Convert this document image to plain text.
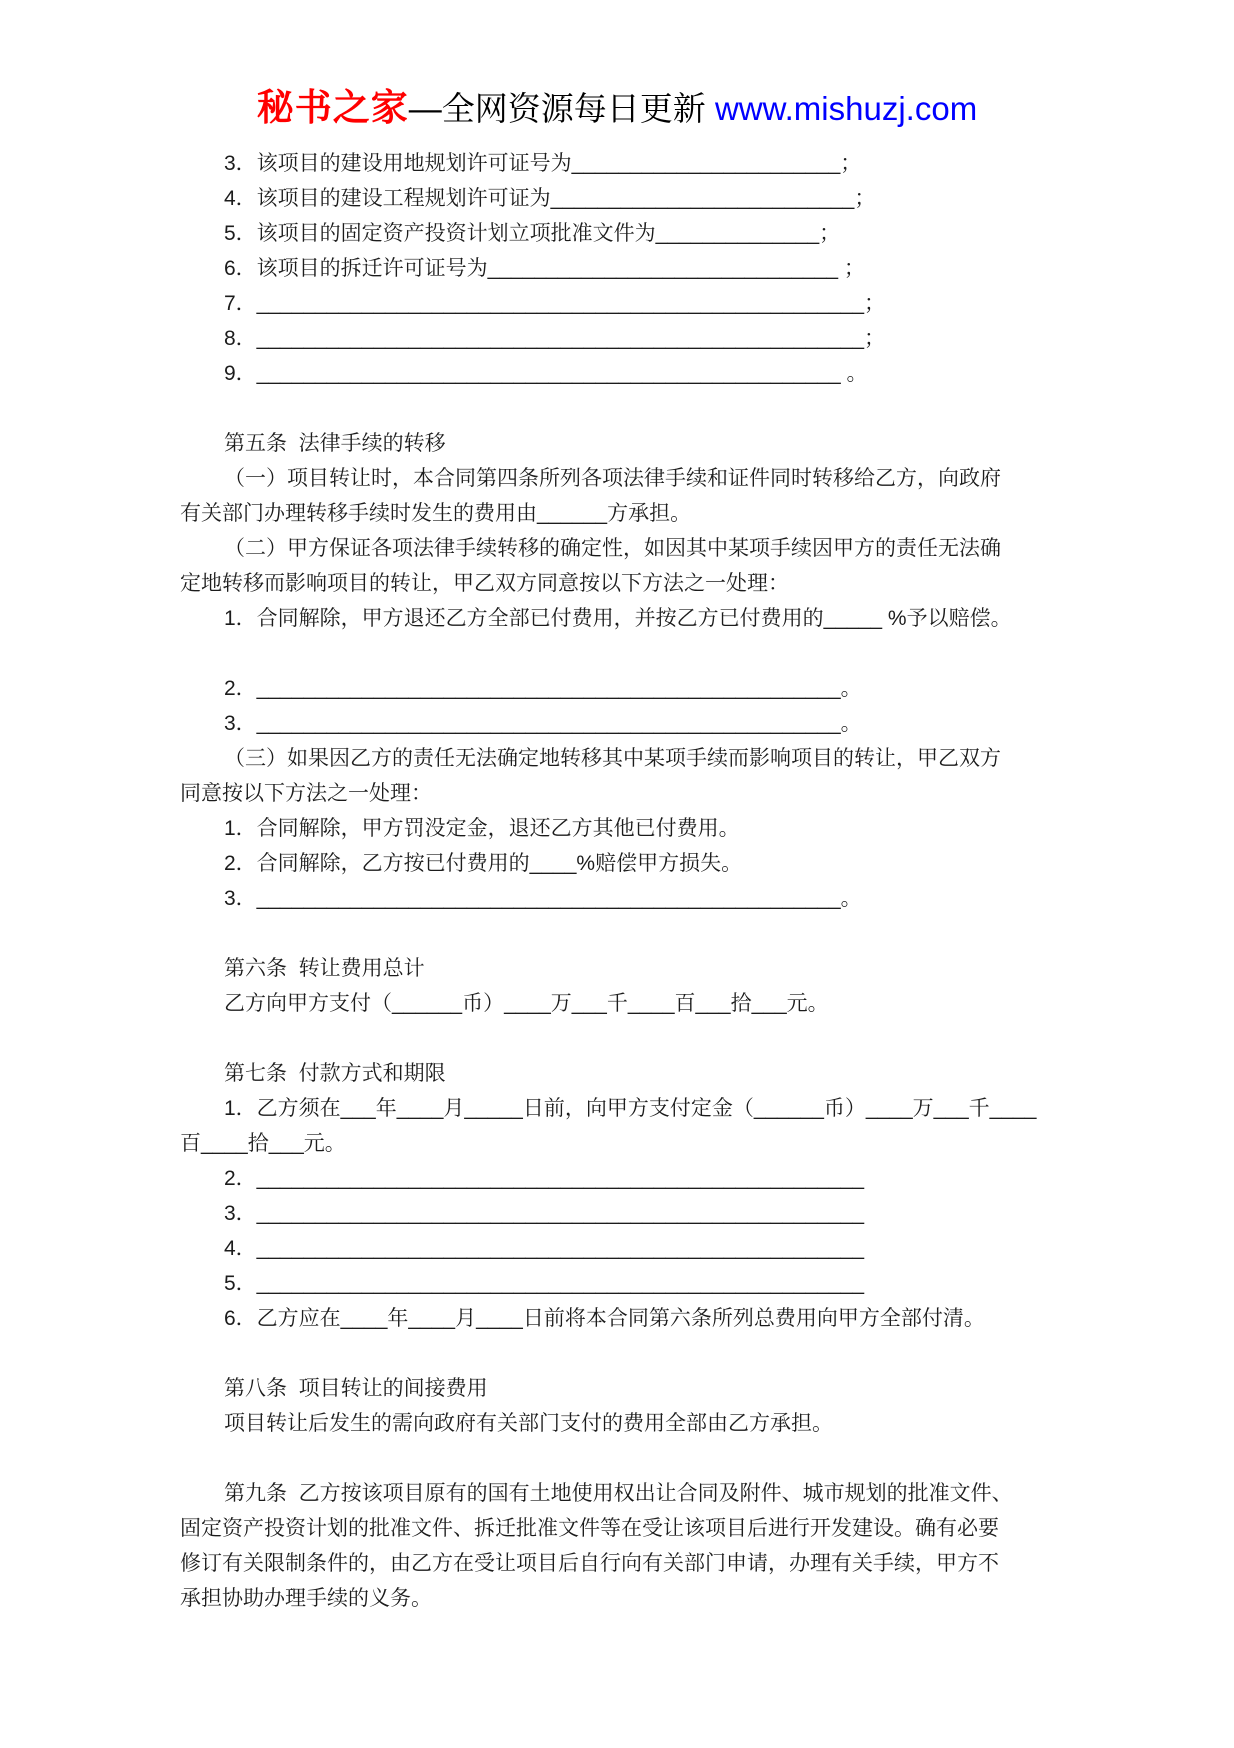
秘书之家—全网资源每日更新 www.mishuzj.com
3．该项目的建设用地规划许可证号为_______________________；
4．该项目的建设工程规划许可证为__________________________；
5．该项目的固定资产投资计划立项批准文件为______________；
6．该项目的拆迁许可证号为______________________________ ；
7．____________________________________________________；
8．____________________________________________________；
9．__________________________________________________ 。
第五条  法律手续的转移
（一）项目转让时，本合同第四条所列各项法律手续和证件同时转移给乙方，向政府
有关部门办理转移手续时发生的费用由______方承担。
（二）甲方保证各项法律手续转移的确定性，如因其中某项手续因甲方的责任无法确
定地转移而影响项目的转让，甲乙双方同意按以下方法之一处理：
1．合同解除，甲方退还乙方全部已付费用，并按乙方已付费用的_____ %予以赔偿。
2．__________________________________________________。
3．__________________________________________________。
（三）如果因乙方的责任无法确定地转移其中某项手续而影响项目的转让，甲乙双方
同意按以下方法之一处理：
1．合同解除，甲方罚没定金，退还乙方其他已付费用。
2．合同解除，乙方按已付费用的____%赔偿甲方损失。
3．__________________________________________________。
第六条  转让费用总计
乙方向甲方支付（______币）____万___千____百___拾___元。
第七条  付款方式和期限
1．乙方须在___年____月_____日前，向甲方支付定金（______币）____万___千____
百____拾___元。
2．____________________________________________________
3．____________________________________________________
4．____________________________________________________
5．____________________________________________________
6．乙方应在____年____月____日前将本合同第六条所列总费用向甲方全部付清。
第八条  项目转让的间接费用
项目转让后发生的需向政府有关部门支付的费用全部由乙方承担。
第九条  乙方按该项目原有的国有土地使用权出让合同及附件、城市规划的批准文件、
固定资产投资计划的批准文件、拆迁批准文件等在受让该项目后进行开发建设。确有必要
修订有关限制条件的，由乙方在受让项目后自行向有关部门申请，办理有关手续，甲方不
承担协助办理手续的义务。
